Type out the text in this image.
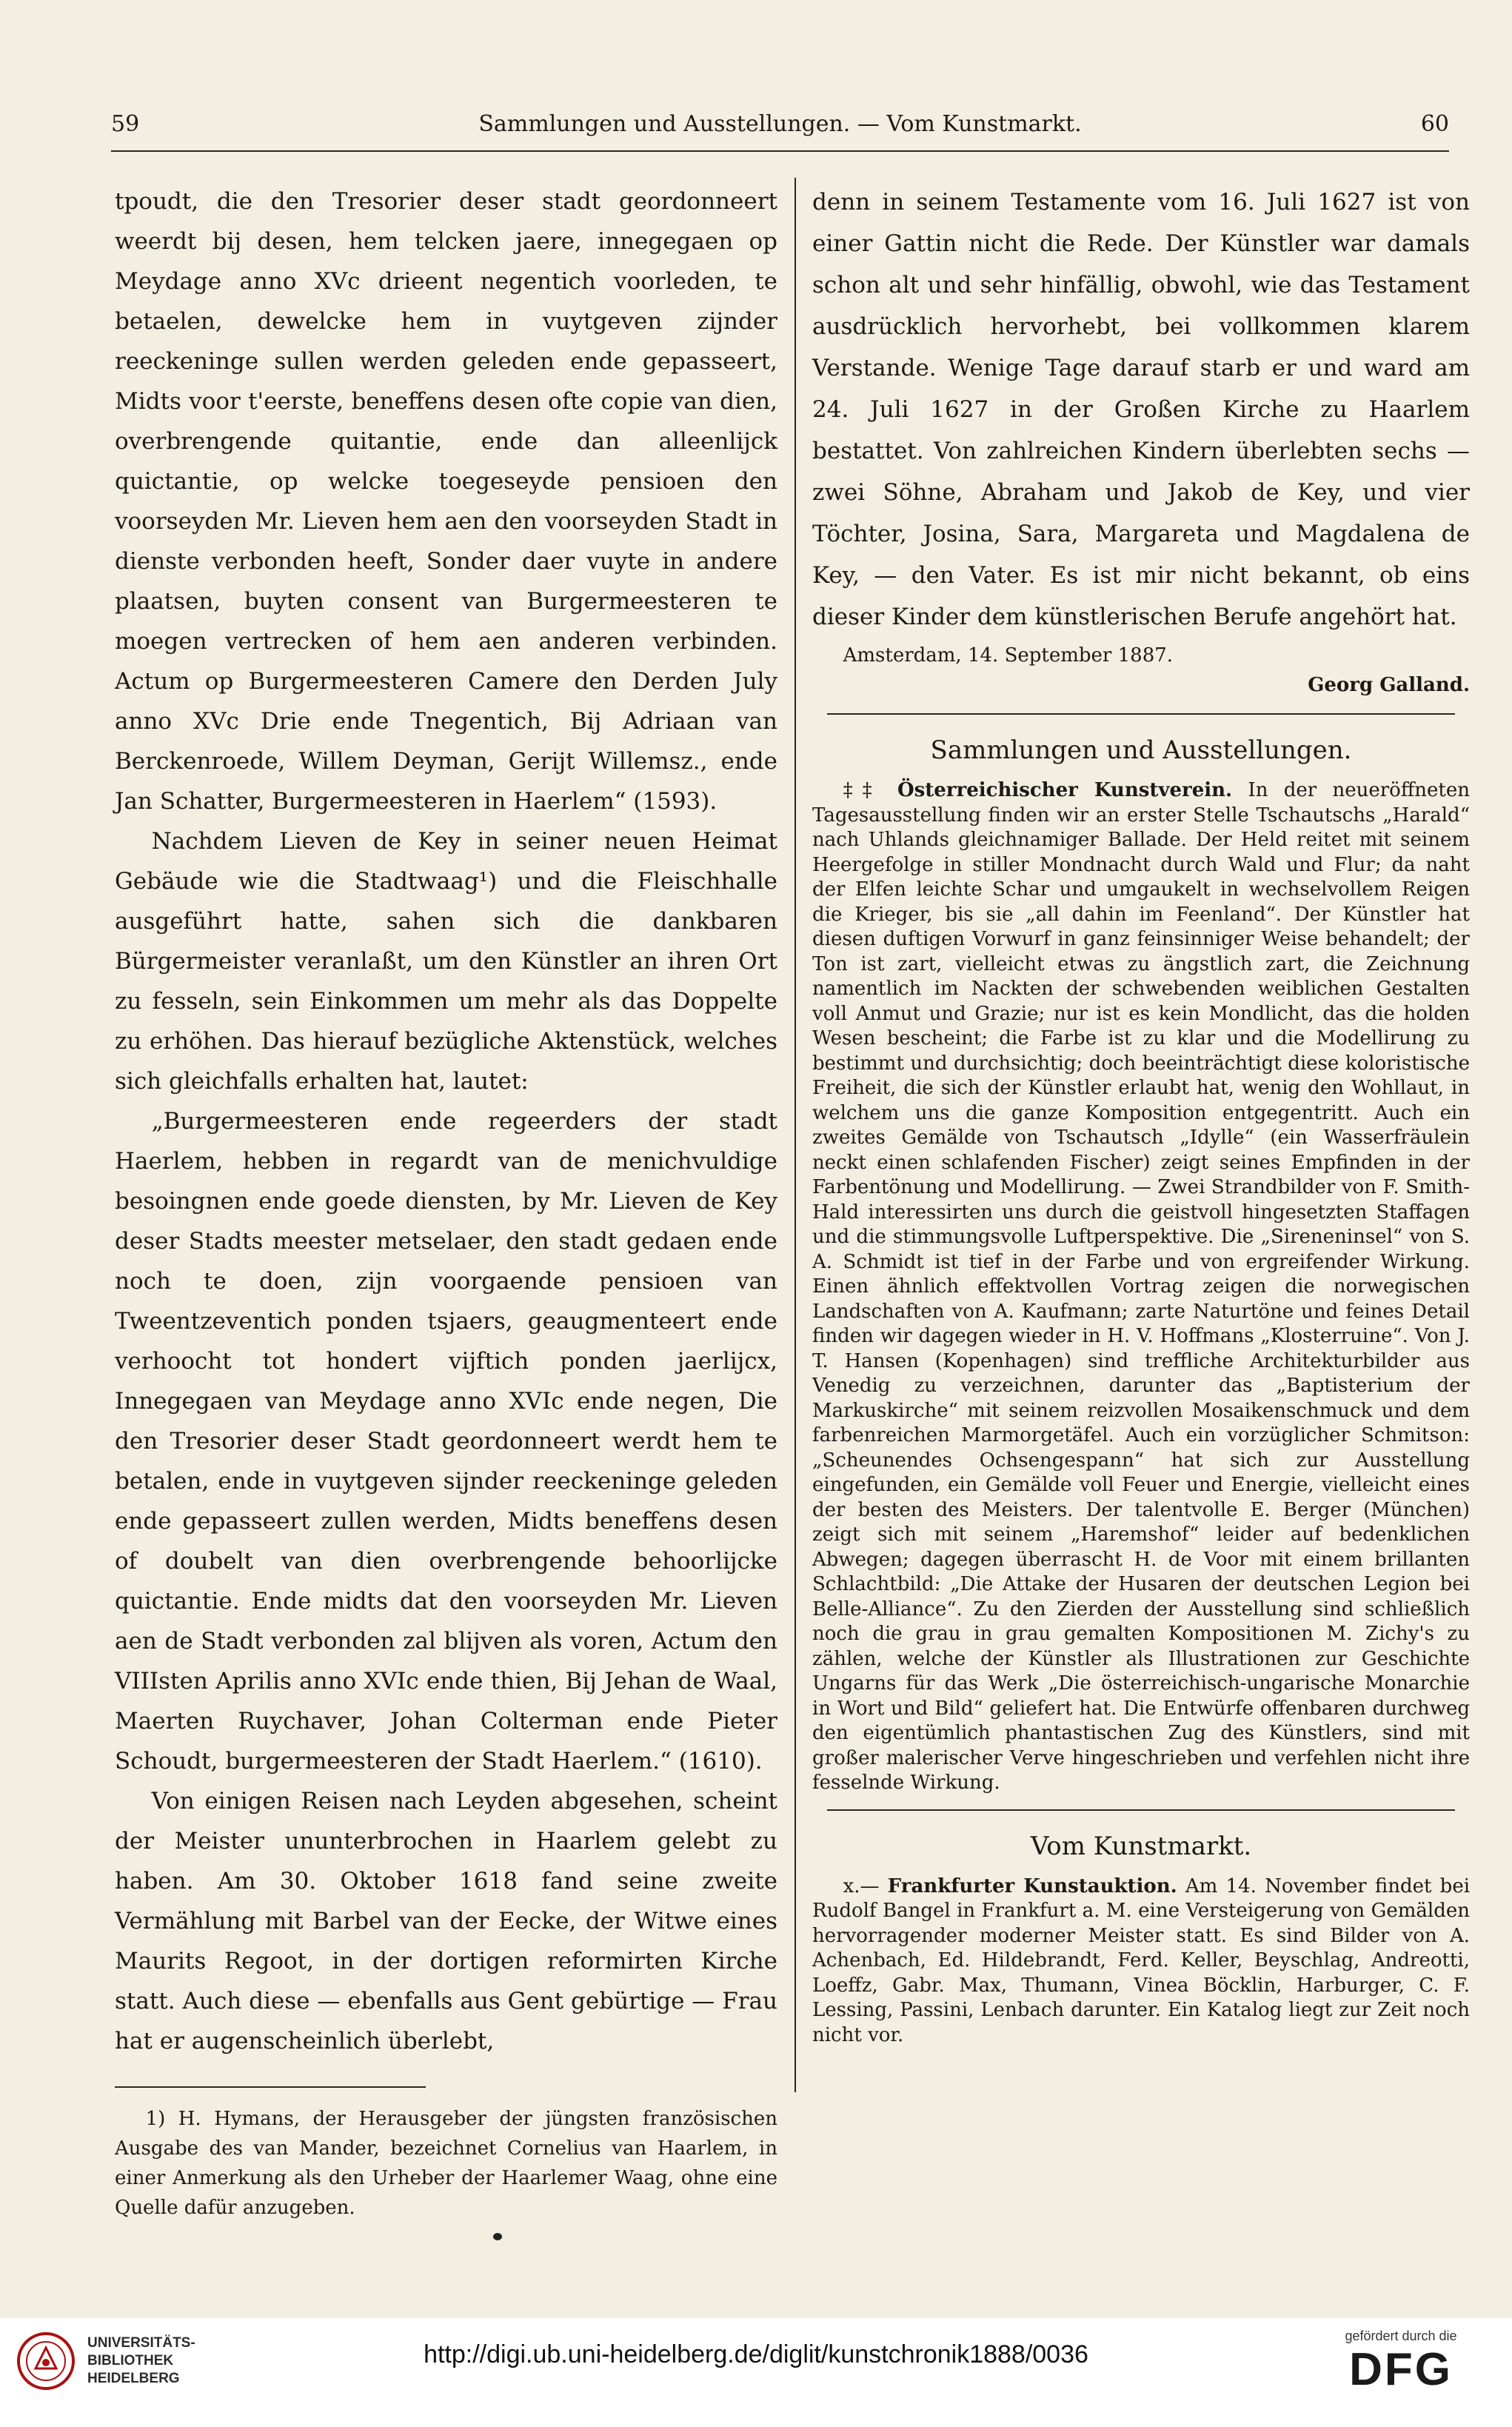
59	Sammlungen und Ausstellungen. — Vom Kunstmarkt.	60

tpoudt, die den Tresorier deser stadt geordonneert weerdt bij desen, hem telcken jaere, innegegaen op Meydage anno XVc drieent negentich voorleden, te betaelen, dewelcke hem in vuytgeven zijnder reeckeninge sullen werden geleden ende gepasseert, Midts voor t'eerste, beneffens desen ofte copie van dien, overbrengende quitantie, ende dan alleenlijck quictantie, op welcke toegeseyde pensioen den voorseyden Mr. Lieven hem aen den voorseyden Stadt in dienste verbonden heeft, Sonder daer vuyte in andere plaatsen, buyten consent van Burgermeesteren te moegen vertrecken of hem aen anderen verbinden. Actum op Burgermeesteren Camere den Derden July anno XVc Drie ende Tnegentich, Bij Adriaan van Berckenroede, Willem Deyman, Gerijt Willemsz., ende Jan Schatter, Burgermeesteren in Haerlem“ (1593).

Nachdem Lieven de Key in seiner neuen Heimat Gebäude wie die Stadtwaag¹) und die Fleischhalle ausgeführt hatte, sahen sich die dankbaren Bürgermeister veranlaßt, um den Künstler an ihren Ort zu fesseln, sein Einkommen um mehr als das Doppelte zu erhöhen. Das hierauf bezügliche Aktenstück, welches sich gleichfalls erhalten hat, lautet:

„Burgermeesteren ende regeerders der stadt Haerlem, hebben in regardt van de menichvuldige besoingnen ende goede diensten, by Mr. Lieven de Key deser Stadts meester metselaer, den stadt gedaen ende noch te doen, zijn voorgaende pensioen van Tweentzeventich ponden tsjaers, geaugmenteert ende verhoocht tot hondert vijftich ponden jaerlijcx, Innegegaen van Meydage anno XVIc ende negen, Die den Tresorier deser Stadt geordonneert werdt hem te betalen, ende in vuytgeven sijnder reeckeninge geleden ende gepasseert zullen werden, Midts beneffens desen of doubelt van dien overbrengende behoorlijcke quictantie. Ende midts dat den voorseyden Mr. Lieven aen de Stadt verbonden zal blijven als voren, Actum den VIIIsten Aprilis anno XVIc ende thien, Bij Jehan de Waal, Maerten Ruychaver, Johan Colterman ende Pieter Schoudt, burgermeesteren der Stadt Haerlem.“ (1610).

Von einigen Reisen nach Leyden abgesehen, scheint der Meister ununterbrochen in Haarlem gelebt zu haben. Am 30. Oktober 1618 fand seine zweite Vermählung mit Barbel van der Eecke, der Witwe eines Maurits Regoot, in der dortigen reformirten Kirche statt. Auch diese — ebenfalls aus Gent gebürtige — Frau hat er augenscheinlich überlebt,

1) H. Hymans, der Herausgeber der jüngsten französischen Ausgabe des van Mander, bezeichnet Cornelius van Haarlem, in einer Anmerkung als den Urheber der Haarlemer Waag, ohne eine Quelle dafür anzugeben.

denn in seinem Testamente vom 16. Juli 1627 ist von einer Gattin nicht die Rede. Der Künstler war damals schon alt und sehr hinfällig, obwohl, wie das Testament ausdrücklich hervorhebt, bei vollkommen klarem Verstande. Wenige Tage darauf starb er und ward am 24. Juli 1627 in der Großen Kirche zu Haarlem bestattet. Von zahlreichen Kindern überlebten sechs — zwei Söhne, Abraham und Jakob de Key, und vier Töchter, Josina, Sara, Margareta und Magdalena de Key, — den Vater. Es ist mir nicht bekannt, ob eins dieser Kinder dem künstlerischen Berufe angehört hat.

Amsterdam, 14. September 1887.
Georg Galland.
Sammlungen und Ausstellungen.

‡‡ Österreichischer Kunstverein. In der neueröffneten Tagesausstellung finden wir an erster Stelle Tschautschs „Harald“ nach Uhlands gleichnamiger Ballade. Der Held reitet mit seinem Heergefolge in stiller Mondnacht durch Wald und Flur; da naht der Elfen leichte Schar und umgaukelt in wechselvollem Reigen die Krieger, bis sie „all dahin im Feenland“. Der Künstler hat diesen duftigen Vorwurf in ganz feinsinniger Weise behandelt; der Ton ist zart, vielleicht etwas zu ängstlich zart, die Zeichnung namentlich im Nackten der schwebenden weiblichen Gestalten voll Anmut und Grazie; nur ist es kein Mondlicht, das die holden Wesen bescheint; die Farbe ist zu klar und die Modellirung zu bestimmt und durchsichtig; doch beeinträchtigt diese koloristische Freiheit, die sich der Künstler erlaubt hat, wenig den Wohllaut, in welchem uns die ganze Komposition entgegentritt. Auch ein zweites Gemälde von Tschautsch „Idylle“ (ein Wasserfräulein neckt einen schlafenden Fischer) zeigt seines Empfinden in der Farbentönung und Modellirung. — Zwei Strandbilder von F. Smith-Hald interessirten uns durch die geistvoll hingesetzten Staffagen und die stimmungsvolle Luftperspektive. Die „Sireneninsel“ von S. A. Schmidt ist tief in der Farbe und von ergreifender Wirkung. Einen ähnlich effektvollen Vortrag zeigen die norwegischen Landschaften von A. Kaufmann; zarte Naturtöne und feines Detail finden wir dagegen wieder in H. V. Hoffmans „Klosterruine“. Von J. T. Hansen (Kopenhagen) sind treffliche Architekturbilder aus Venedig zu verzeichnen, darunter das „Baptisterium der Markuskirche“ mit seinem reizvollen Mosaikenschmuck und dem farbenreichen Marmorgetäfel. Auch ein vorzüglicher Schmitson: „Scheunendes Ochsengespann“ hat sich zur Ausstellung eingefunden, ein Gemälde voll Feuer und Energie, vielleicht eines der besten des Meisters. Der talentvolle E. Berger (München) zeigt sich mit seinem „Haremshof“ leider auf bedenklichen Abwegen; dagegen überrascht H. de Voor mit einem brillanten Schlachtbild: „Die Attake der Husaren der deutschen Legion bei Belle-Alliance“. Zu den Zierden der Ausstellung sind schließlich noch die grau in grau gemalten Kompositionen M. Zichy's zu zählen, welche der Künstler als Illustrationen zur Geschichte Ungarns für das Werk „Die österreichisch-ungarische Monarchie in Wort und Bild“ geliefert hat. Die Entwürfe offenbaren durchweg den eigentümlich phantastischen Zug des Künstlers, sind mit großer malerischer Verve hingeschrieben und verfehlen nicht ihre fesselnde Wirkung.

Vom Kunstmarkt.

x.— Frankfurter Kunstauktion. Am 14. November findet bei Rudolf Bangel in Frankfurt a. M. eine Versteigerung von Gemälden hervorragender moderner Meister statt. Es sind Bilder von A. Achenbach, Ed. Hildebrandt, Ferd. Keller, Beyschlag, Andreotti, Loeffz, Gabr. Max, Thumann, Vinea Böcklin, Harburger, C. F. Lessing, Passini, Lenbach darunter. Ein Katalog liegt zur Zeit noch nicht vor.

UNIVERSITÄTS-
BIBLIOTHEK
HEIDELBERG
http://digi.ub.uni-heidelberg.de/diglit/kunstchronik1888/0036
gefördert durch die
DFG
